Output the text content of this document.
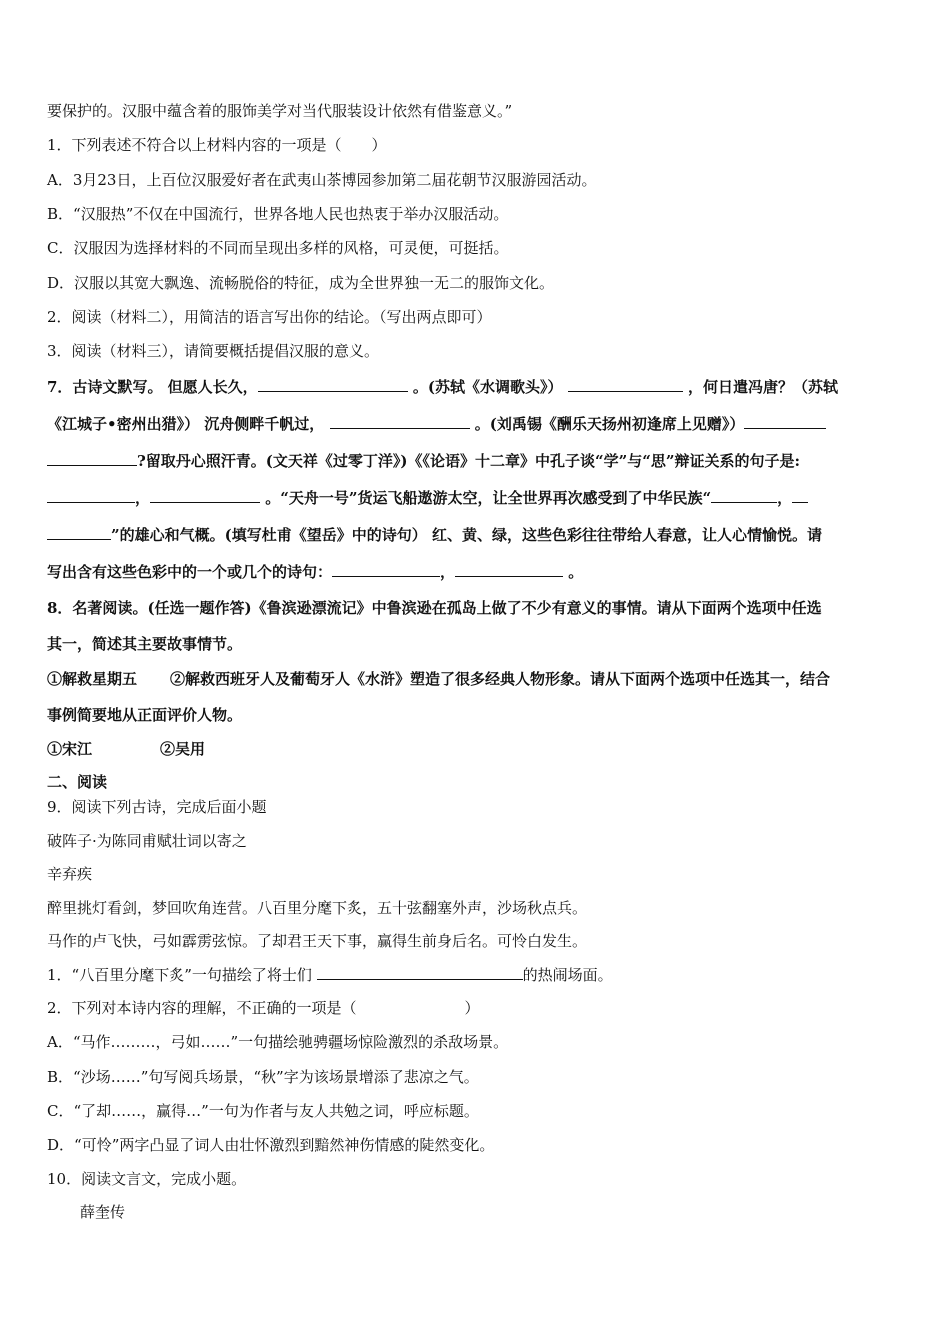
要保护的。汉服中蕴含着的服饰美学对当代服装设计依然有借鉴意义。”
1．下列表述不符合以上材料内容的一项是（　　）
A．3月23日，上百位汉服爱好者在武夷山茶博园参加第二届花朝节汉服游园活动。
B．“汉服热”不仅在中国流行，世界各地人民也热衷于举办汉服活动。
C．汉服因为选择材料的不同而呈现出多样的风格，可灵便，可挺括。
D．汉服以其宽大飘逸、流畅脱俗的特征，成为全世界独一无二的服饰文化。
2．阅读（材料二），用简洁的语言写出你的结论。（写出两点即可）
3．阅读（材料三），请简要概括提倡汉服的意义。
7．古诗文默写。 但愿人长久，	。(苏轼《水调歌头》）	，何日遣冯唐？（苏轼
《江城子•密州出猎》） 沉舟侧畔千帆过，	。(刘禹锡《酬乐天扬州初逢席上见赠》）
?留取丹心照汗青。(文天祥《过零丁洋》)《《论语》十二章》中孔子谈“学”与“思”辩证关系的句子是:
，	。“天舟一号”货运飞船遨游太空，让全世界再次感受到了中华民族“	，
”的雄心和气概。(填写杜甫《望岳》中的诗句） 红、黄、绿，这些色彩往往带给人春意，让人心情愉悦。请
写出含有这些色彩中的一个或几个的诗句：	，	。
8．名著阅读。(任选一题作答)《鲁滨逊漂流记》中鲁滨逊在孤岛上做了不少有意义的事情。请从下面两个选项中任选
其一，简述其主要故事情节。
①解救星期五 ②解救西班牙人及葡萄牙人《水浒》塑造了很多经典人物形象。请从下面两个选项中任选其一，结合
事例简要地从正面评价人物。
①宋江	②吴用
二、阅读
9．阅读下列古诗，完成后面小题
破阵子·为陈同甫赋壮词以寄之
辛弃疾
醉里挑灯看剑，梦回吹角连营。八百里分麾下炙，五十弦翻塞外声，沙场秋点兵。
马作的卢飞快，弓如霹雳弦惊。了却君王天下事，赢得生前身后名。可怜白发生。
1．“八百里分麾下炙”一句描绘了将士们	的热闹场面。
2．下列对本诗内容的理解，不正确的一项是（	）
A．“马作………，弓如……”一句描绘驰骋疆场惊险激烈的杀敌场景。
B．“沙场……”句写阅兵场景，“秋”字为该场景增添了悲凉之气。
C．“了却……，赢得…”一句为作者与友人共勉之词，呼应标题。
D．“可怜”两字凸显了词人由壮怀激烈到黯然神伤情感的陡然变化。
10．阅读文言文，完成小题。
薛奎传
